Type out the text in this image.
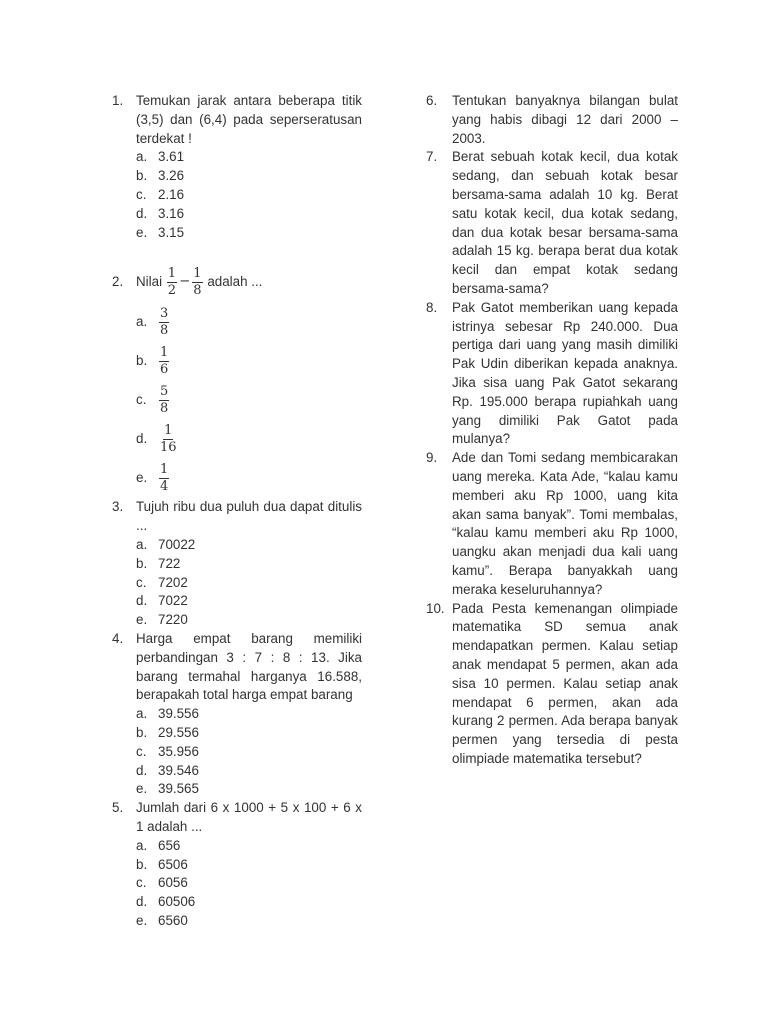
1. Temukan jarak antara beberapa titik (3,5) dan (6,4) pada seperseratusan terdekat !
a. 3.61
b. 3.26
c. 2.16
d. 3.16
e. 3.15
2. Nilai
$\frac{1}{2} - \frac{1}{8}$
adalah ...
a. $\frac{3}{8}$
b. $\frac{1}{6}$
c. $\frac{5}{8}$
d. $\frac{1}{16}$
e. $\frac{1}{4}$
3. Tujuh ribu dua puluh dua dapat ditulis ...
a. 70022
b. 722
c. 7202
d. 7022
e. 7220
4. Harga empat barang memiliki perbandingan 3 : 7 : 8 : 13. Jika barang termahal harganya 16.588, berapakah total harga empat barang
a. 39.556
b. 29.556
c. 35.956
d. 39.546
e. 39.565
5. Jumlah dari 6 x 1000 + 5 x 100 + 6 x 1 adalah ...
a. 656
b. 6506
c. 6056
d. 60506
e. 6560
6.	Tentukan banyaknya bilangan bulat yang habis dibagi 12 dari 2000 – 2003.
7.	Berat sebuah kotak kecil, dua kotak sedang, dan sebuah kotak besar bersama-sama adalah 10 kg. Berat satu kotak kecil, dua kotak sedang, dan dua kotak besar bersama-sama adalah 15 kg. berapa berat dua kotak kecil dan empat kotak sedang bersama-sama?
8.	Pak Gatot memberikan uang kepada istrinya sebesar Rp 240.000. Dua pertiga dari uang yang masih dimiliki Pak Udin diberikan kepada anaknya. Jika sisa uang Pak Gatot sekarang Rp. 195.000 berapa rupiahkah uang yang dimiliki Pak Gatot pada mulanya?
9.	Ade dan Tomi sedang membicarakan uang mereka. Kata Ade, “kalau kamu memberi aku Rp 1000, uang kita akan sama banyak”. Tomi membalas, “kalau kamu memberi aku Rp 1000, uangku akan menjadi dua kali uang kamu”. Berapa banyakkah uang meraka keseluruhannya?
10. Pada Pesta kemenangan olimpiade matematika SD semua anak mendapatkan permen. Kalau setiap anak mendapat 5 permen, akan ada sisa 10 permen. Kalau setiap anak mendapat 6 permen, akan ada kurang 2 permen. Ada berapa banyak permen yang tersedia di pesta olimpiade matematika tersebut?
